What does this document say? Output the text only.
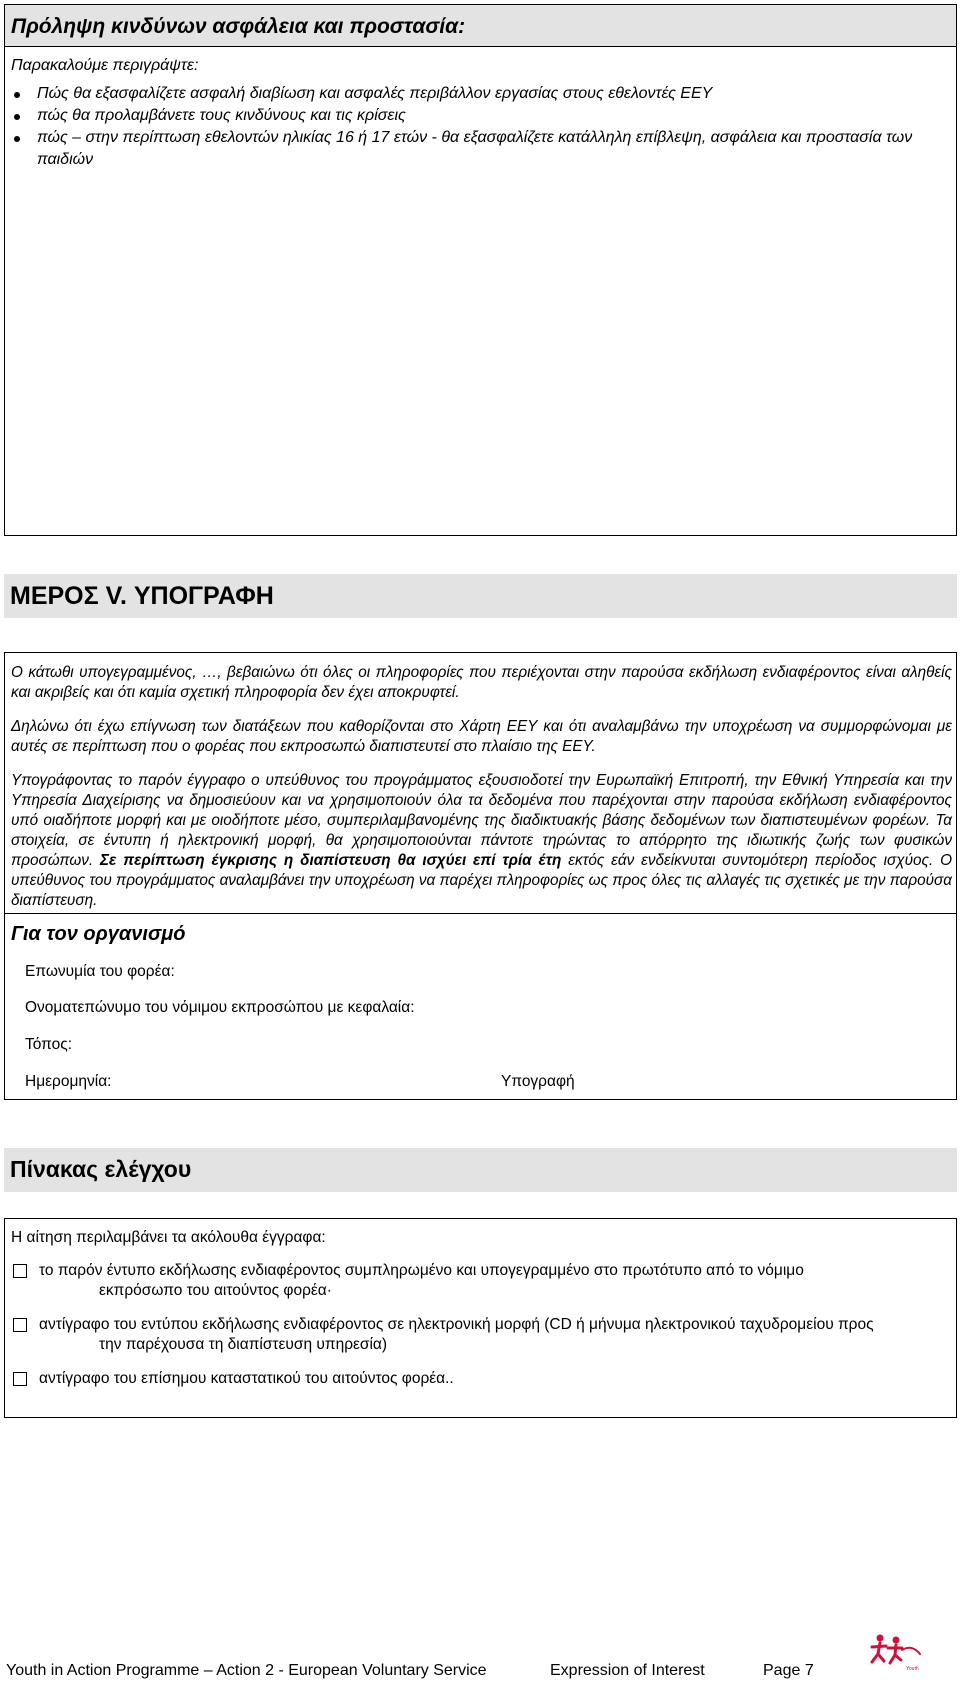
Πρόληψη κινδύνων ασφάλεια και προστασία:
Παρακαλούμε περιγράψτε:
Πώς θα εξασφαλίζετε ασφαλή διαβίωση και ασφαλές περιβάλλον εργασίας στους εθελοντές ΕΕΥ
πώς θα προλαμβάνετε τους κινδύνους και τις κρίσεις
πώς – στην περίπτωση εθελοντών ηλικίας 16 ή 17 ετών - θα εξασφαλίζετε κατάλληλη επίβλεψη, ασφάλεια και προστασία των παιδιών
ΜΕΡΟΣ V. ΥΠΟΓΡΑΦΗ
Ο κάτωθι υπογεγραμμένος, …, βεβαιώνω ότι όλες οι πληροφορίες που περιέχονται στην παρούσα εκδήλωση ενδιαφέροντος είναι αληθείς και ακριβείς και ότι καμία σχετική πληροφορία δεν έχει αποκρυφτεί.
Δηλώνω ότι έχω επίγνωση των διατάξεων που καθορίζονται στο Χάρτη ΕΕΥ και ότι αναλαμβάνω την υποχρέωση να συμμορφώνομαι με αυτές σε περίπτωση που ο φορέας που εκπροσωπώ διαπιστευτεί στο πλαίσιο της ΕΕΥ.
Υπογράφοντας το παρόν έγγραφο ο υπεύθυνος του προγράμματος εξουσιοδοτεί την Ευρωπαϊκή Επιτροπή, την Εθνική Υπηρεσία και την Υπηρεσία Διαχείρισης να δημοσιεύουν και να χρησιμοποιούν όλα τα δεδομένα που παρέχονται στην παρούσα εκδήλωση ενδιαφέροντος υπό οιαδήποτε μορφή και με οιοδήποτε μέσο, συμπεριλαμβανομένης της διαδικτυακής βάσης δεδομένων των διαπιστευμένων φορέων. Τα στοιχεία, σε έντυπη ή ηλεκτρονική μορφή, θα χρησιμοποιούνται πάντοτε τηρώντας το απόρρητο της ιδιωτικής ζωής των φυσικών προσώπων. Σε περίπτωση έγκρισης η διαπίστευση θα ισχύει επί τρία έτη εκτός εάν ενδείκνυται συντομότερη περίοδος ισχύος. Ο υπεύθυνος του προγράμματος αναλαμβάνει την υποχρέωση να παρέχει πληροφορίες ως προς όλες τις αλλαγές τις σχετικές με την παρούσα διαπίστευση.
Για τον οργανισμό
Επωνυμία του φορέα:
Ονοματεπώνυμο του νόμιμου εκπροσώπου με κεφαλαία:
Τόπος:
Ημερομηνία:	Υπογραφή
Πίνακας ελέγχου
Η αίτηση περιλαμβάνει τα ακόλουθα έγγραφα:
το παρόν έντυπο εκδήλωσης ενδιαφέροντος συμπληρωμένο και υπογεγραμμένο στο πρωτότυπο από το νόμιμο
εκπρόσωπο του αιτούντος φορέα·
αντίγραφο του εντύπου εκδήλωσης ενδιαφέροντος σε ηλεκτρονική μορφή (CD ή μήνυμα ηλεκτρονικού ταχυδρομείου προς
την παρέχουσα τη διαπίστευση υπηρεσία)
αντίγραφο του επίσημου καταστατικού του αιτούντος φορέα..
Youth
Youth in Action Programme – Action 2 - European Voluntary Service	Expression of Interest	Page 7
